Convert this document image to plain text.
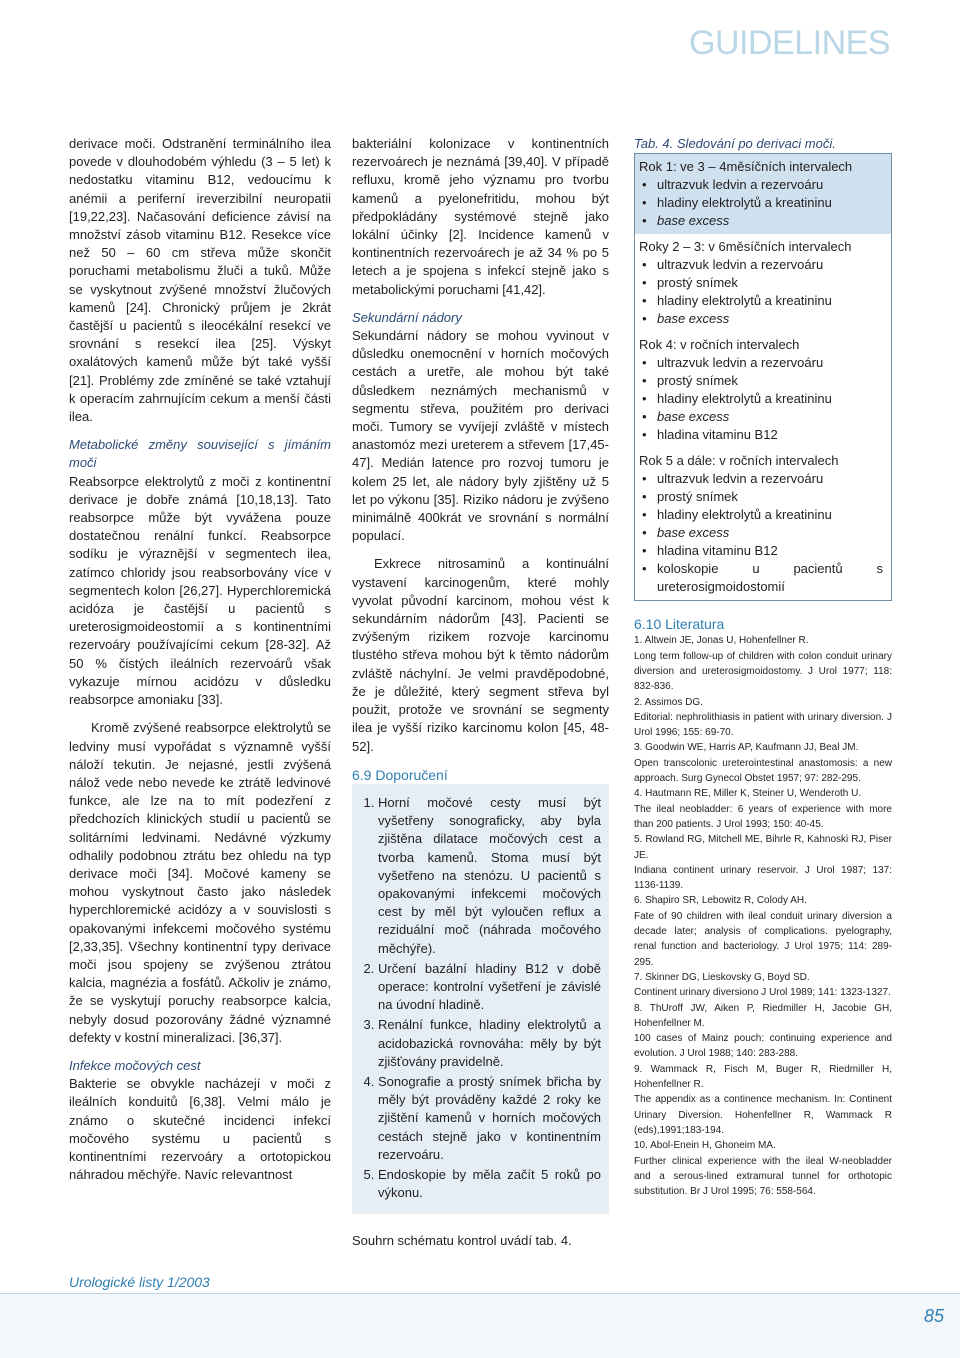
GUIDELINES

derivace moči. Odstranění terminálního ilea povede v dlouhodobém výhledu (3 – 5 let) k nedostatku vitaminu B12, vedoucímu k anémii a periferní ireverzibilní neuropatii [19,22,23]. Načasování deficience závisí na množství zásob vitaminu B12. Resekce více než 50 – 60 cm střeva může skončit poruchami metabolismu žluči a tuků. Může se vyskytnout zvýšené množství žlučových kamenů [24]. Chronický průjem je 2krát častější u pacientů s ileocékální resekcí ve srovnání s resekcí ilea [25]. Výskyt oxalátových kamenů může být také vyšší [21]. Problémy zde zmíněné se také vztahují k operacím zahrnujícím cekum a menší části ilea.

Metabolické změny související s jímáním moči

Reabsorpce elektrolytů z moči z kontinentní derivace je dobře známá [10,18,13]. Tato reabsorpce může být vyvážena pouze dostatečnou renální funkcí. Reabsorpce sodíku je výraznější v segmentech ilea, zatímco chloridy jsou reabsorbovány více v segmentech kolon [26,27]. Hyperchloremická acidóza je častější u pacientů s ureterosigmoideostomií a s kontinentními rezervoáry používajícími cekum [28-32]. Až 50 % čistých ileálních rezervoárů však vykazuje mírnou acidózu v důsledku reabsorpce amoniaku [33].

Kromě zvýšené reabsorpce elektrolytů se ledviny musí vypořádat s významně vyšší náloží tekutin. Je nejasné, jestli zvýšená nálož vede nebo nevede ke ztrátě ledvinové funkce, ale lze na to mít podezření z předchozích klinických studií u pacientů se solitárními ledvinami. Nedávné výzkumy odhalily podobnou ztrátu bez ohledu na typ derivace moči [34]. Močové kameny se mohou vyskytnout často jako následek hyperchloremické acidózy a v souvislosti s opakovanými infekcemi močového systému [2,33,35]. Všechny kontinentní typy derivace moči jsou spojeny se zvýšenou ztrátou kalcia, magnézia a fosfátů. Ačkoliv je známo, že se vyskytují poruchy reabsorpce kalcia, nebyly dosud pozorovány žádné významné defekty v kostní mineralizaci. [36,37].

Infekce močových cest

Bakterie se obvykle nacházejí v moči z ileálních konduitů [6,38]. Velmi málo je známo o skutečné incidenci infekcí močového systému u pacientů s kontinentními rezervoáry a ortotopickou náhradou měchýře. Navíc relevantnost

bakteriální kolonizace v kontinentních rezervoárech je neznámá [39,40]. V případě refluxu, kromě jeho významu pro tvorbu kamenů a pyelonefritidu, mohou být předpokládány systémové stejně jako lokální účinky [2]. Incidence kamenů v kontinentních rezervoárech je až 34 % po 5 letech a je spojena s infekcí stejně jako s metabolickými poruchami [41,42].

Sekundární nádory

Sekundární nádory se mohou vyvinout v důsledku onemocnění v horních močových cestách a uretře, ale mohou být také důsledkem neznámých mechanismů v segmentu střeva, použitém pro derivaci moči. Tumory se vyvíjejí zvláště v místech anastomóz mezi ureterem a střevem [17,45-47]. Medián latence pro rozvoj tumoru je kolem 25 let, ale nádory byly zjištěny už 5 let po výkonu [35]. Riziko nádoru je zvýšeno minimálně 400krát ve srovnání s normální populací.

Exkrece nitrosaminů a kontinuální vystavení karcinogenům, které mohly vyvolat původní karcinom, mohou vést k sekundárním nádorům [43]. Pacienti se zvýšeným rizikem rozvoje karcinomu tlustého střeva mohou být k těmto nádorům zvláště náchylní. Je velmi pravděpodobné, že je důležité, který segment střeva byl použit, protože ve srovnání se segmenty ilea je vyšší riziko karcinomu kolon [45, 48-52].

6.9 Doporučení

1. Horní močové cesty musí být vyšetřeny sonograficky, aby byla zjištěna dilatace močových cest a tvorba kamenů. Stoma musí být vyšetřeno na stenózu. U pacientů s opakovanými infekcemi močových cest by měl být vyloučen reflux a reziduální moč (náhrada močového měchýře).
2. Určení bazální hladiny B12 v době operace: kontrolní vyšetření je závislé na úvodní hladině.
3. Renální funkce, hladiny elektrolytů a acidobazická rovnováha: měly by být zjišťovány pravidelně.
4. Sonografie a prostý snímek břicha by měly být prováděny každé 2 roky ke zjištění kamenů v horních močových cestách stejně jako v kontinentním rezervoáru.
5. Endoskopie by měla začít 5 roků po výkonu.

Souhrn schématu kontrol uvádí tab. 4.

Tab. 4. Sledování po derivaci moči.

Rok 1: ve 3 – 4měsíčních intervalech
• ultrazvuk ledvin a rezervoáru
• hladiny elektrolytů a kreatininu
• base excess
Roky 2 – 3: v 6měsíčních intervalech
• ultrazvuk ledvin a rezervoáru
• prostý snímek
• hladiny elektrolytů a kreatininu
• base excess
Rok 4: v ročních intervalech
• ultrazvuk ledvin a rezervoáru
• prostý snímek
• hladiny elektrolytů a kreatininu
• base excess
• hladina vitaminu B12
Rok 5 a dále: v ročních intervalech
• ultrazvuk ledvin a rezervoáru
• prostý snímek
• hladiny elektrolytů a kreatininu
• base excess
• hladina vitaminu B12
• koloskopie u pacientů s ureterosigmoidostomií

6.10 Literatura

1. Altwein JE, Jonas U, Hohenfellner R.

Long term follow-up of children with colon conduit urinary diversion and ureterosigmoidostomy. J Urol 1977; 118: 832-836.

2. Assimos DG.

Editorial: nephrolithiasis in patient with urinary diversion. J Urol 1996; 155: 69-70.

3. Goodwin WE, Harris AP, Kaufmann JJ, Beal JM.

Open transcolonic ureterointestinal anastomosis: a new approach. Surg Gynecol Obstet 1957; 97: 282-295.

4. Hautmann RE, Miller K, Steiner U, Wenderoth U.

The ileal neobladder: 6 years of experience with more than 200 patients. J Urol 1993; 150: 40-45.

5. Rowland RG, Mitchell ME, Bihrle R, Kahnoski RJ, Piser JE.

Indiana continent urinary reservoir. J Urol 1987; 137: 1136-1139.

6. Shapiro SR, Lebowitz R, Colody AH.

Fate of 90 children with ileal conduit urinary diversion a decade later; analysis of complications. pyelography, renal function and bacteriology. J Urol 1975; 114: 289-295.

7. Skinner DG, Lieskovsky G, Boyd SD.

Continent urinary diversiono J Urol 1989; 141: 1323-1327.

8. ThUroff JW, Aiken P, Riedmiller H, Jacobie GH, Hohenfellner M.

100 cases of Mainz pouch: continuing experience and evolution. J Urol 1988; 140: 283-288.

9. Wammack R, Fisch M, Buger R, Riedmiller H, Hohenfellner R.

The appendix as a continence mechanism. In: Continent Urinary Diversion. Hohenfellner R, Wammack R (eds),1991;183-194.

10. Abol-Enein H, Ghoneim MA.

Further clinical experience with the ileal W-neobladder and a serous-lined extramural tunnel for orthotopic substitution. Br J Urol 1995; 76: 558-564.

Urologické listy 1/2003
85
